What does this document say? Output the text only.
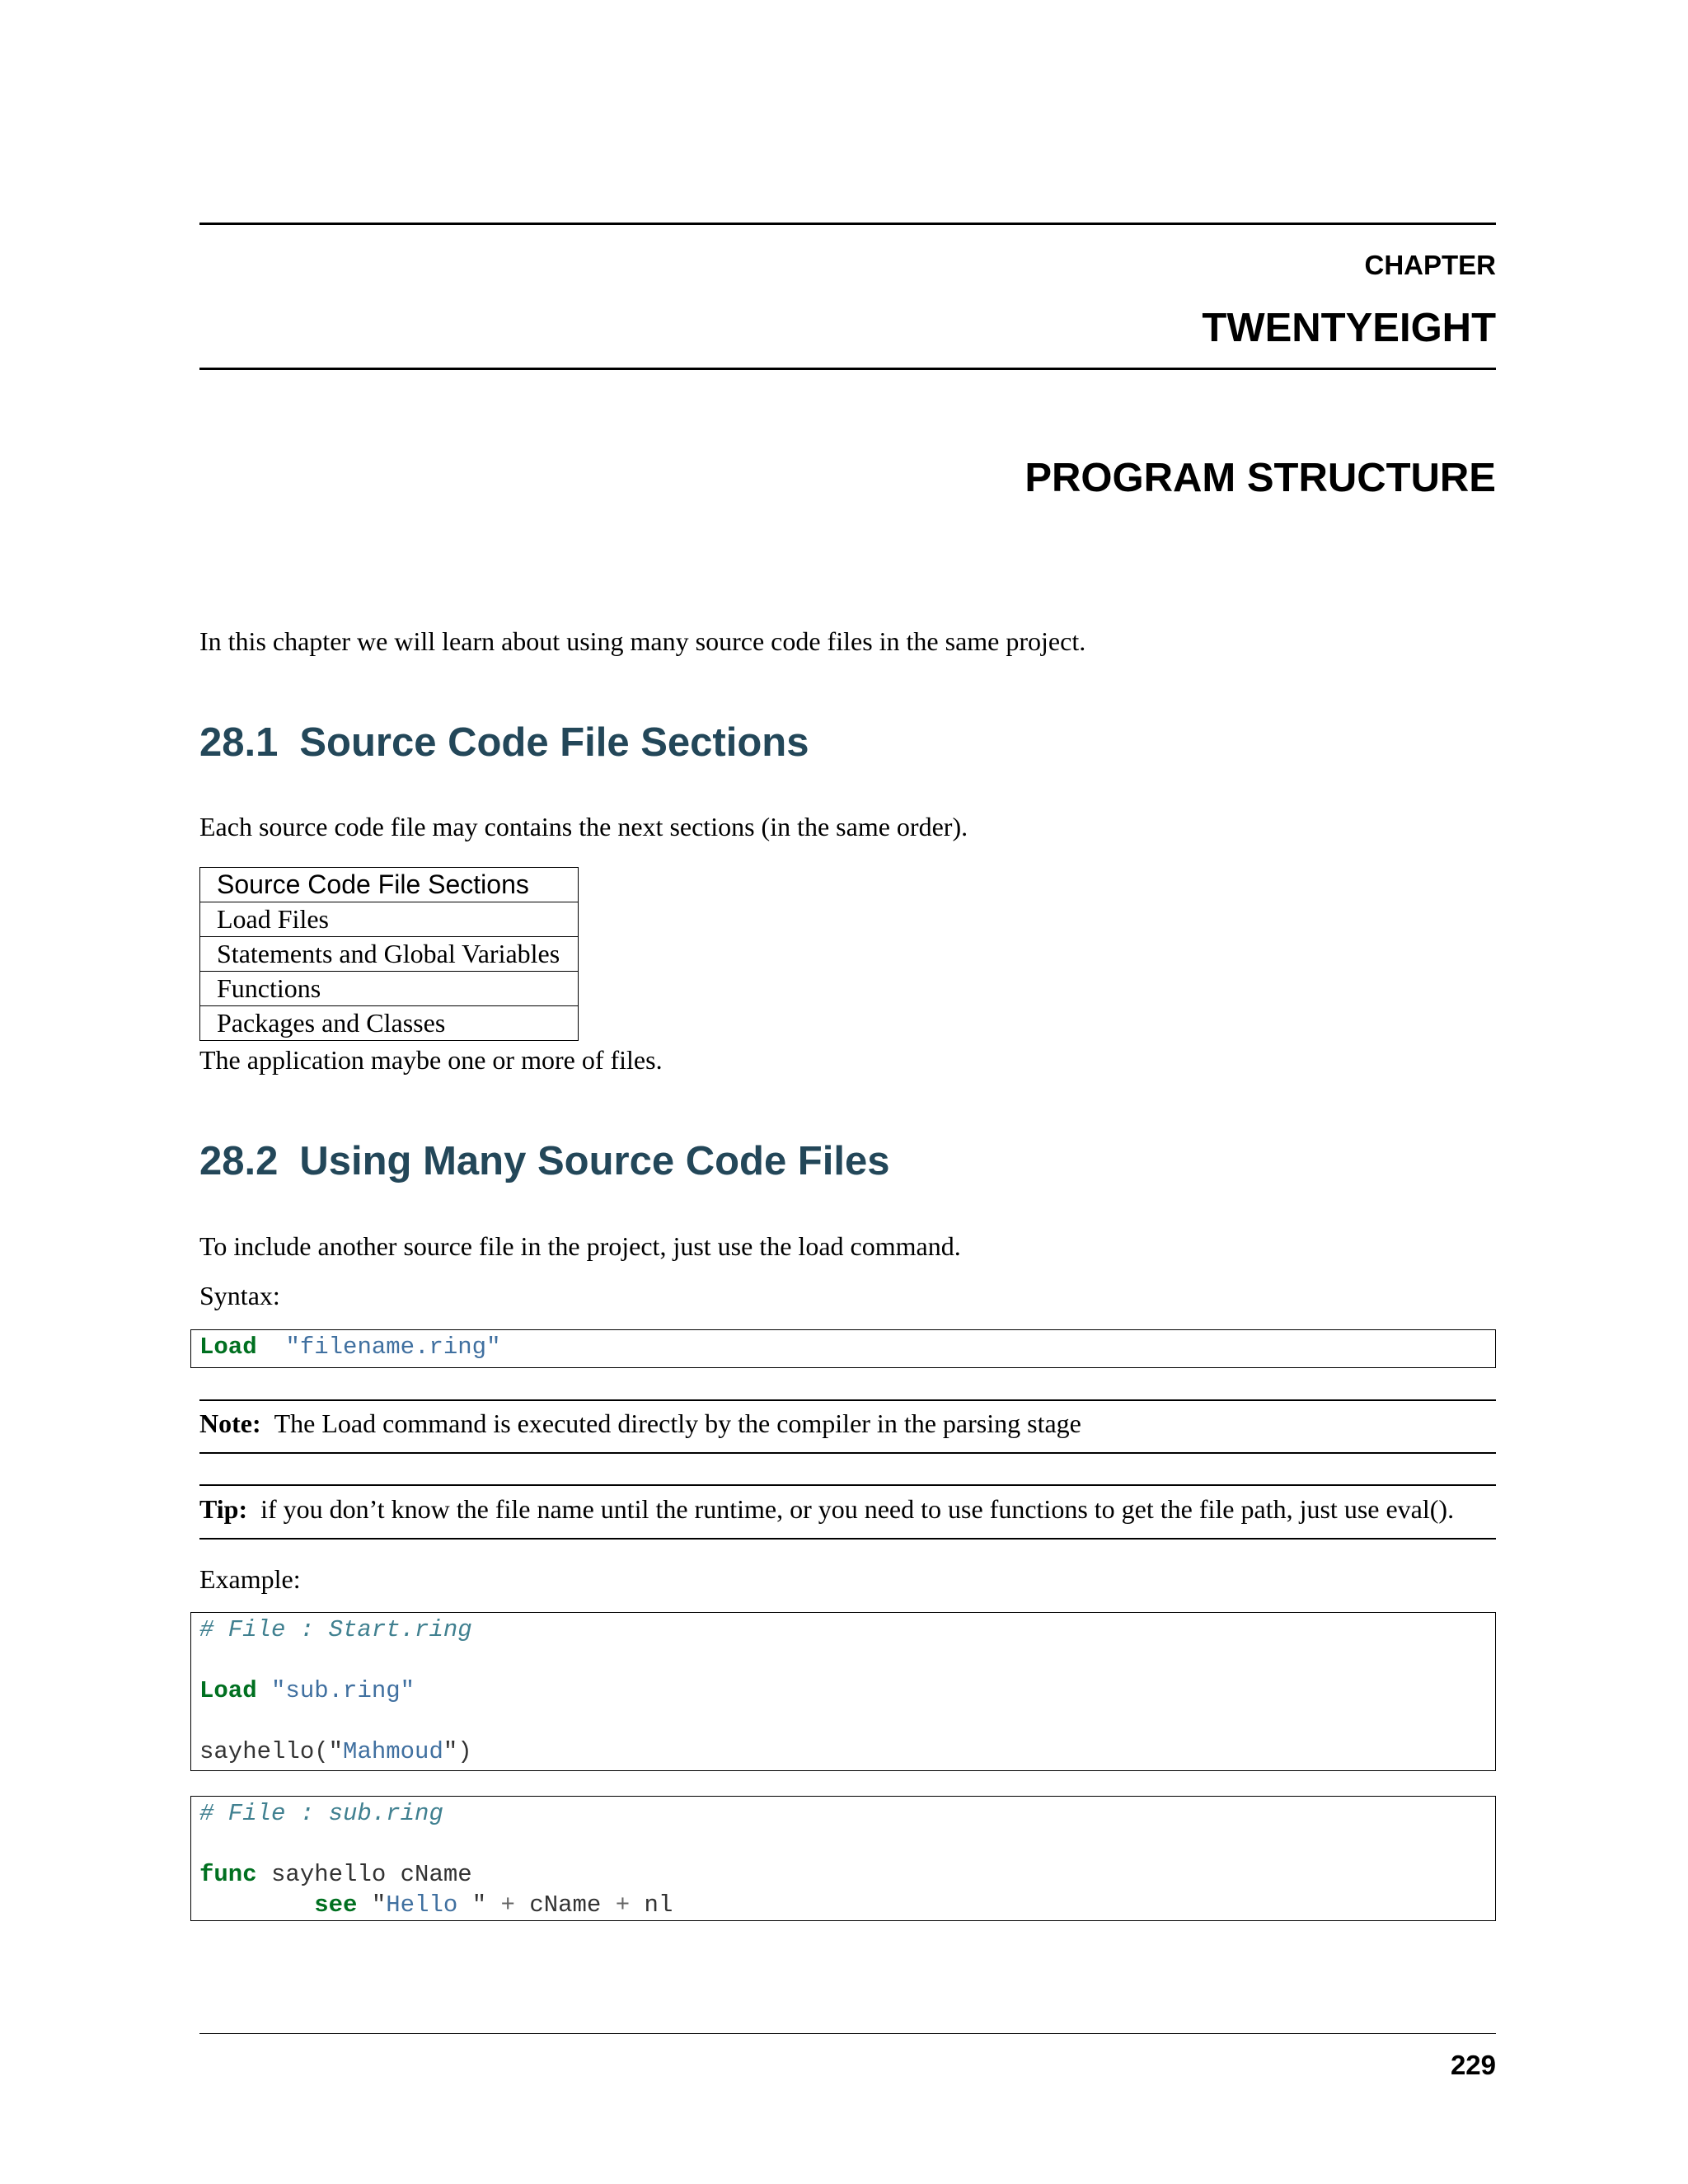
CHAPTER
TWENTYEIGHT
PROGRAM STRUCTURE
In this chapter we will learn about using many source code files in the same project.
28.1 Source Code File Sections
Each source code file may contains the next sections (in the same order).
Source Code File Sections
Load Files
Statements and Global Variables
Functions
Packages and Classes
The application maybe one or more of files.
28.2 Using Many Source Code Files
To include another source file in the project, just use the load command.
Syntax:
Load "filename.ring"
Note: The Load command is executed directly by the compiler in the parsing stage
Tip: if you don’t know the file name until the runtime, or you need to use functions to get the file path, just use eval().
Example:
# File : Start.ring
Load "sub.ring"
sayhello("Mahmoud")
# File : sub.ring
func sayhello cName
see "Hello " + cName + nl
229
